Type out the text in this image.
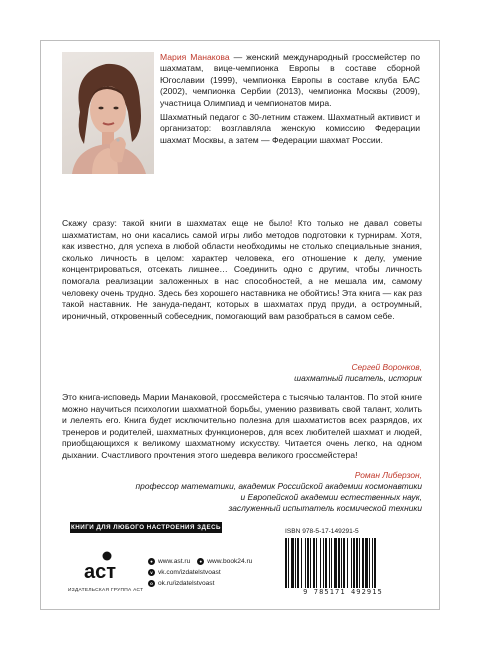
Мария Манакова — женский международный гроссмейстер по шахматам, вице-чемпионка Европы в составе сборной Югославии (1999), чемпионка Европы в составе клуба БАС (2002), чемпионка Сербии (2013), чемпионка Москвы (2009), участница Олимпиад и чемпионатов мира.

Шахматный педагог с 30-летним стажем. Шахматный активист и организатор: возглавляла женскую комиссию Федерации шахмат Москвы, а затем — Федерации шахмат России.

Скажу сразу: такой книги в шахматах еще не было! Кто только не давал советы шахматистам, но они касались самой игры либо методов подготовки к турнирам. Хотя, как известно, для успеха в любой области необходимы не столько специальные знания, сколько личность в целом: характер человека, его отношение к делу, умение концентрироваться, отсекать лишнее… Соединить одно с другим, чтобы личность помогала реализации заложенных в нас способностей, а не мешала им, самому человеку очень трудно. Здесь без хорошего наставника не обойтись! Эта книга — как раз такой наставник. Не зануда-педант, которых в шахматах пруд пруди, а остроумный, ироничный, откровенный собеседник, помогающий вам разобраться в самом себе.

Сергей Воронков,
шахматный писатель, историк

Это книга-исповедь Марии Манаковой, гроссмейстера с тысячью талантов. По этой книге можно научиться психологии шахматной борьбы, умению развивать свой талант, холить и лелеять его. Книга будет исключительно полезна для шахматистов всех разрядов, их тренеров и родителей, шахматных функционеров, для всех любителей шахмат и людей, приобщающихся к великому шахматному искусству. Читается очень легко, на одном дыхании. Счастливого прочтения этого шедевра великого гроссмейстера!

Роман Либерзон,
профессор математики, академик Российской академии космонавтики
и Европейской академии естественных наук,
заслуженный испытатель космической техники
КНИГИ ДЛЯ ЛЮБОГО НАСТРОЕНИЯ ЗДЕСЬ
аст
ИЗДАТЕЛЬСКАЯ ГРУППА АСТ
● www.ast.ru	● www.book24.ru
v vk.com/izdatelstvoast
o ok.ru/izdatelstvoast
ISBN 978-5-17-149291-5
9 785171 492915
